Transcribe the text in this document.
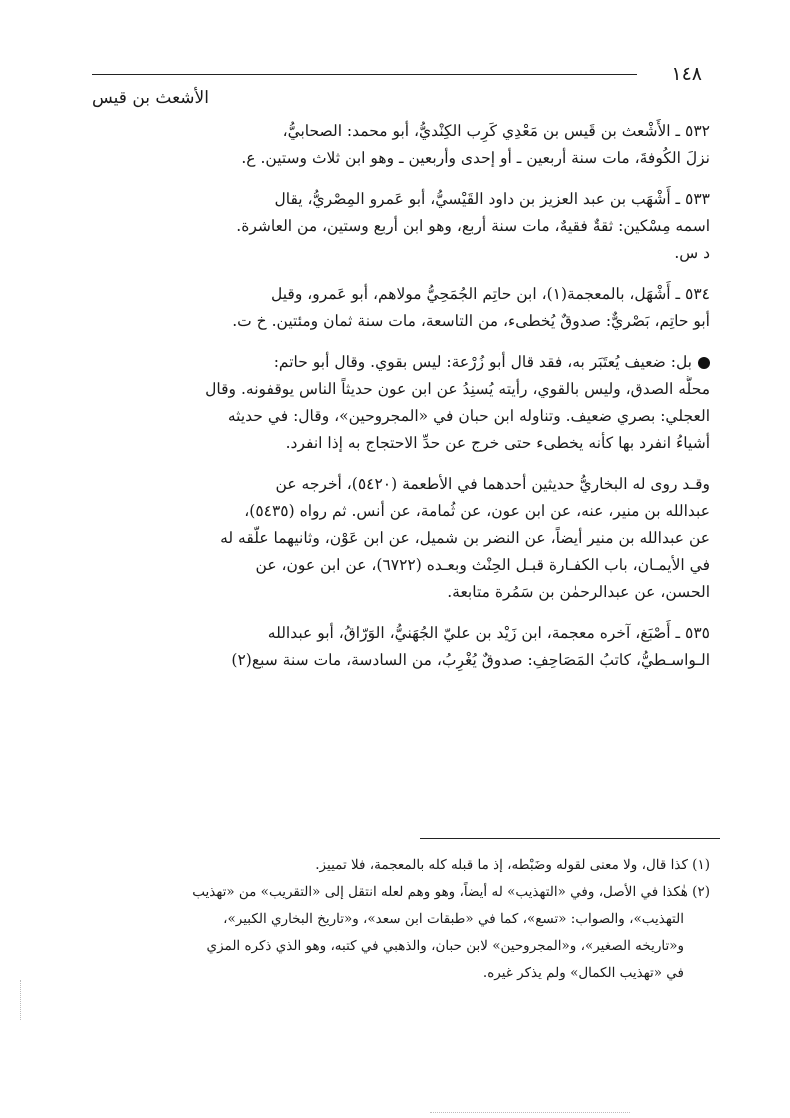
١٤٨
الأشعث بن قيس

٥٣٢ ـ الأَشْعث بن قَيس بن مَعْدِي كَرِب الكِنْديُّ، أبو محمد: الصحابيُّ،
نزلَ الكُوفةَ، مات سنة أربعين ـ أو إحدى وأربعين ـ وهو ابن ثلاث وستين. ع.

٥٣٣ ـ أَشْهَب بن عبد العزيز بن داود القَيْسيُّ، أبو عَمرو المِصْريُّ، يقال
اسمه مِسْكين: ثقةٌ فقيهٌ، مات سنة أربع، وهو ابن أربع وستين، من العاشرة.
د س.

٥٣٤ ـ أَشْهَل، بالمعجمة(١)، ابن حاتِم الجُمَحِيُّ مولاهم، أبو عَمرو، وقيل
أبو حاتِم، بَصْريٌّ: صدوقٌ يُخطىء، من التاسعة، مات سنة ثمان ومئتين. خ ت.

بل: ضعيف يُعتَبَر به، فقد قال أبو زُرْعة: ليس بقوي. وقال أبو حاتم:
محلُّه الصدق، وليس بالقوي، رأيته يُسنِدُ عن ابن عون حديثاً الناس يوقفونه. وقال
العجلي: بصري ضعيف. وتناوله ابن حبان في «المجروحين»، وقال: في حديثه
أشياءُ انفرد بها كأنه يخطىء حتى خرج عن حدِّ الاحتجاج به إذا انفرد.

وقـد روى له البخاريُّ حديثين أحدهما في الأطعمة (٥٤٢٠)، أخرجه عن
عبدالله بن منير، عنه، عن ابن عون، عن ثُمامة، عن أنس. ثم رواه (٥٤٣٥)،
عن عبدالله بن منير أيضاً، عن النضر بن شميل، عن ابن عَوْن، وثانيهما علّقه له
في الأيمـان، باب الكفـارة قبـل الحِنْث وبعـده (٦٧٢٢)، عن ابن عون، عن
الحسن، عن عبدالرحمٰن بن سَمُرة متابعة.

٥٣٥ ـ أَصْبَغ، آخره معجمة، ابن زَيْد بن عليّ الجُهَنيُّ، الوَرّاقُ، أبو عبدالله
الـواسـطيُّ، كاتبُ المَصَاحِفِ: صدوقٌ يُغْرِبُ، من السادسة، مات سنة سبع(٢)

(١) كذا قال، ولا معنى لقوله وضَبْطه، إذ ما قبله كله بالمعجمة، فلا تمييز.
(٢) هٰكذا في الأصل، وفي «التهذيب» له أيضاً، وهو وهم لعله انتقل إلى «التقريب» من «تهذيب
التهذيب»، والصواب: «تسع»، كما في «طبقات ابن سعد»، و«تاريخ البخاري الكبير»،
و«تاريخه الصغير»، و«المجروحين» لابن حبان، والذهبي في كتبه، وهو الذي ذكره المزي
في «تهذيب الكمال» ولم يذكر غيره.
